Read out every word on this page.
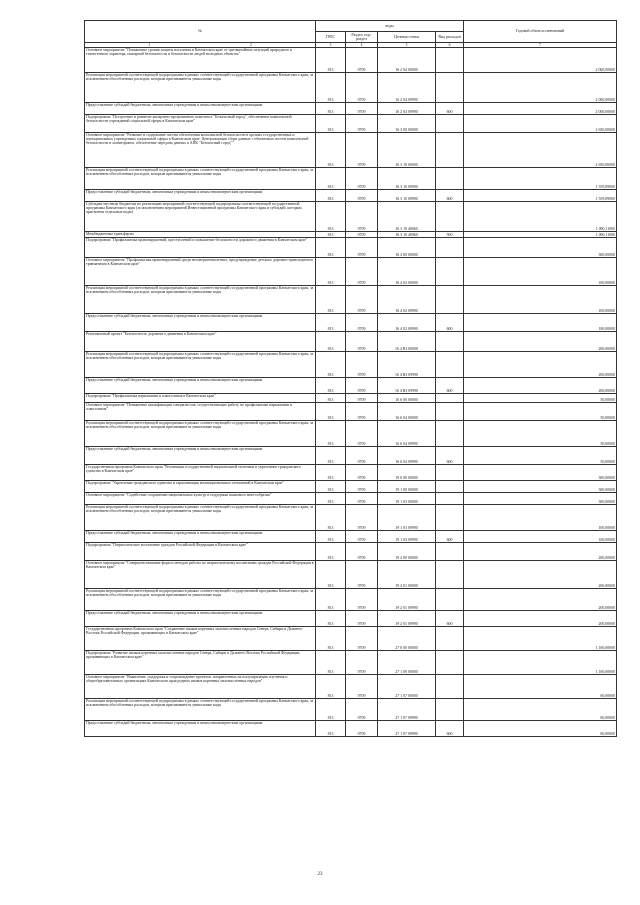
№	коды				Годовой объем ассигнований
	ГРБС	Раздел, под-раздел	Целевая статья	Вид расходов	
1 2	3	4	5	6	7
Основное мероприятие "Повышение уровня защиты населения в Камчатском крае от чрезвычайных ситуаций природного и техногенного характера, пожарной безопасности и безопасности людей на водных объектах"	813	0709	16 2 04 00000		2 000,00000
Реализация мероприятий соответствующей подпрограммы в рамках соответствующей государственной программы Камчатского края, за исключением обособленных расходов, которым присваиваются уникальные коды	813	0709	16 2 04 09990		2 000,00000
Предоставление субсидий бюджетным, автономным учреждениям и иным некоммерческим организациям	813	0709	16 2 04 09990	600	2 000,00000
Подпрограмма "Построение и развитие аппаратно-программного комплекса "Безопасный город", обеспечение комплексной безопасности учреждений социальной сферы в Камчатском крае"	813	0709	16 3 00 00000		2 650,00000
Основное мероприятие "Развитие и содержание систем обеспечения комплексной безопасности в органах государственных и муниципальных учреждениях социальной сферы в Камчатском крае. Централизация сбора данных с объектовых систем комплексной безопасности и мониторинга, обеспечение передачи данных в АПК "Безопасный город""	813	0709	16 3 10 00000		2 650,00000
Реализация мероприятий соответствующей подпрограммы в рамках соответствующей государственной программы Камчатского края, за исключением обособленных расходов, которым присваиваются уникальные коды	813	0709	16 3 10 09990		1 559,89000
Предоставление субсидий бюджетным, автономным учреждениям и иным некоммерческим организациям	813	0709	16 3 10 09990	600	1 559,89000
Субсидии местным бюджетам на реализацию мероприятий соответствующей подпрограммы соответствующей государственной программы Камчатского края (за исключением мероприятий Инвестиционной программы Камчатского края и субсидий, которым присвоены отдельные коды)	813	0709	16 3 10 40060		1 090,11000
Межбюджетные трансферты	813	0709	16 3 10 40060	500	1 090,11000
Подпрограмма "Профилактика правонарушений, преступлений и повышение безопасности дорожного движения в Камчатском крае"	813	0709	16 4 00 00000		300,00000
Основное мероприятие "Профилактика правонарушений среди несовершеннолетних, предупреждение детского дорожно-транспортного травматизма в Камчатском крае"	813	0709	16 4 02 00000		100,00000
Реализация мероприятий соответствующей подпрограммы в рамках соответствующей государственной программы Камчатского края, за исключением обособленных расходов, которым присваиваются уникальные коды	813	0709	16 4 02 09990		100,00000
Предоставление субсидий бюджетным, автономным учреждениям и иным некоммерческим организациям	813	0709	16 4 02 09990	600	100,00000
Региональный проект "Безопасность дорожного движения в Камчатском крае"	813	0709	16 4 R3 00000		200,00000
Реализация мероприятий соответствующей подпрограммы в рамках соответствующей государственной программы Камчатского края, за исключением обособленных расходов, которым присваиваются уникальные коды	813	0709	16 4 R3 09990		200,00000
Предоставление субсидий бюджетным, автономным учреждениям и иным некоммерческим организациям	813	0709	16 4 R3 09990	600	200,00000
Подпрограмма "Профилактика наркомании и алкоголизма в Камчатском крае"	813	0709	16 6 00 00000		50,00000
Основное мероприятие "Повышение квалификации специалистов, осуществляющих работу по профилактике наркомании и алкоголизма"	813	0709	16 6 04 00000		50,00000
Реализация мероприятий соответствующей подпрограммы в рамках соответствующей государственной программы Камчатского края, за исключением обособленных расходов, которым присваиваются уникальные коды	813	0709	16 6 04 09990		50,00000
Предоставление субсидий бюджетным, автономным учреждениям и иным некоммерческим организациям	813	0709	16 6 04 09990	600	50,00000
Государственная программа Камчатского края "Реализация государственной национальной политики и укрепление гражданского единства в Камчатском крае"	813	0709	19 0 00 00000		300,00000
Подпрограмма "Укрепление гражданского единства и гармонизация межнациональных отношений в Камчатском крае"	813	0709	19 1 00 00000		300,00000
Основное мероприятие "Содействие сохранению национальных культур и поддержка языкового многообразия"	813	0709	19 1 03 00000		300,00000
Реализация мероприятий соответствующей подпрограммы в рамках соответствующей государственной программы Камчатского края, за исключением обособленных расходов, которым присваиваются уникальные коды	813	0709	19 1 03 09990		100,00000
Предоставление субсидий бюджетным, автономным учреждениям и иным некоммерческим организациям	813	0709	19 1 03 09990	600	100,00000
Подпрограмма "Патриотическое воспитание граждан Российской Федерации в Камчатском крае"	813	0709	19 2 00 00000		200,00000
Основное мероприятие "Совершенствование форм и методов работы по патриотическому воспитанию граждан Российской Федерации в Камчатском крае"	813	0709	19 2 01 00000		200,00000
Реализация мероприятий соответствующей подпрограммы в рамках соответствующей государственной программы Камчатского края, за исключением обособленных расходов, которым присваиваются уникальные коды	813	0709	19 2 01 09990		200,00000
Предоставление субсидий бюджетным, автономным учреждениям и иным некоммерческим организациям	813	0709	19 2 01 09990	600	200,00000
Государственная программа Камчатского края "Сохранение языков коренных малочисленных народов Севера, Сибири и Дальнего Востока Российской Федерации, проживающих в Камчатском крае"	813	0709	27 0 00 00000		1 160,00000
Подпрограмма "Развитие языков коренных малочисленных народов Севера, Сибири и Дальнего Востока Российской Федерации, проживающих в Камчатском крае"	813	0709	27 1 00 00000		1 160,00000
Основное мероприятие "Выявление, поддержка и сопровождение проектов, направленных на популяризацию изучения и общеобразовательных организациях Камчатского края родных языков коренных малочисленных народов"	813	0709	27 1 07 00000		60,00000
Реализация мероприятий соответствующей подпрограммы в рамках соответствующей государственной программы Камчатского края, за исключением обособленных расходов, которым присваиваются уникальные коды	813	0709	27 1 07 09990		60,00000
Предоставление субсидий бюджетным, автономным учреждениям и иным некоммерческим организациям	813	0709	27 1 07 09990	600	60,00000
23
